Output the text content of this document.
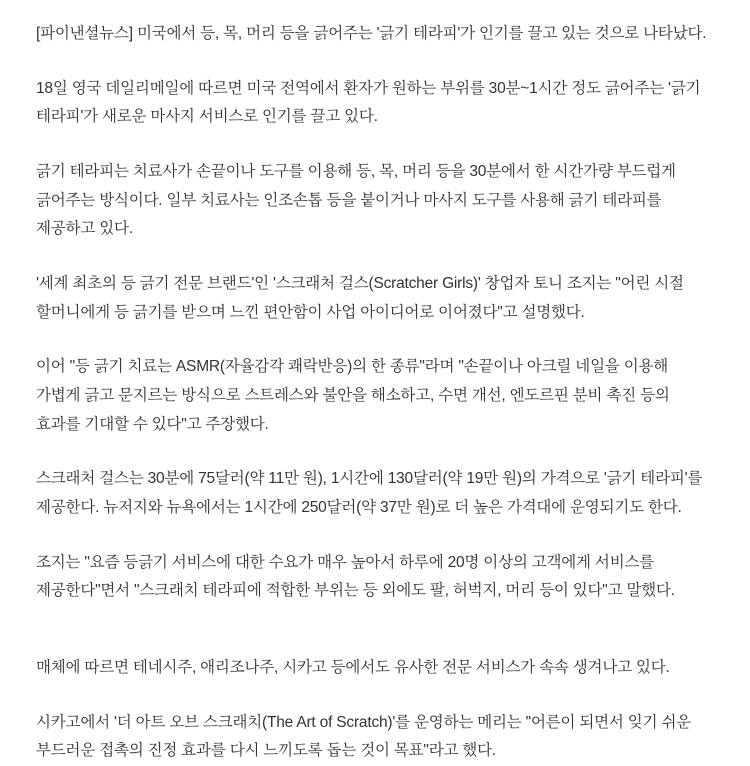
[파이낸셜뉴스] 미국에서 등, 목, 머리 등을 긁어주는 '긁기 테라피'가 인기를 끌고 있는 것으로 나타났다.

18일 영국 데일리메일에 따르면 미국 전역에서 환자가 원하는 부위를 30분~1시간 정도 긁어주는 '긁기 테라피'가 새로운 마사지 서비스로 인기를 끌고 있다.

긁기 테라피는 치료사가 손끝이나 도구를 이용해 등, 목, 머리 등을 30분에서 한 시간가량 부드럽게 긁어주는 방식이다. 일부 치료사는 인조손톱 등을 붙이거나 마사지 도구를 사용해 긁기 테라피를 제공하고 있다.

'세계 최초의 등 긁기 전문 브랜드'인 '스크래처 걸스(Scratcher Girls)' 창업자 토니 조지는 "어린 시절 할머니에게 등 긁기를 받으며 느낀 편안함이 사업 아이디어로 이어졌다"고 설명했다.

이어 "등 긁기 치료는 ASMR(자율감각 쾌락반응)의 한 종류"라며 "손끝이나 아크릴 네일을 이용해 가볍게 긁고 문지르는 방식으로 스트레스와 불안을 해소하고, 수면 개선, 엔도르핀 분비 촉진 등의 효과를 기대할 수 있다"고 주장했다.

스크래처 걸스는 30분에 75달러(약 11만 원), 1시간에 130달러(약 19만 원)의 가격으로 '긁기 테라피'를 제공한다. 뉴저지와 뉴욕에서는 1시간에 250달러(약 37만 원)로 더 높은 가격대에 운영되기도 한다.

조지는 "요즘 등긁기 서비스에 대한 수요가 매우 높아서 하루에 20명 이상의 고객에게 서비스를 제공한다"면서 "스크래치 테라피에 적합한 부위는 등 외에도 팔, 허벅지, 머리 등이 있다"고 말했다.

매체에 따르면 테네시주, 애리조나주, 시카고 등에서도 유사한 전문 서비스가 속속 생겨나고 있다.

시카고에서 '더 아트 오브 스크래치(The Art of Scratch)'를 운영하는 메리는 "어른이 되면서 잊기 쉬운 부드러운 접촉의 진정 효과를 다시 느끼도록 돕는 것이 목표"라고 했다.
